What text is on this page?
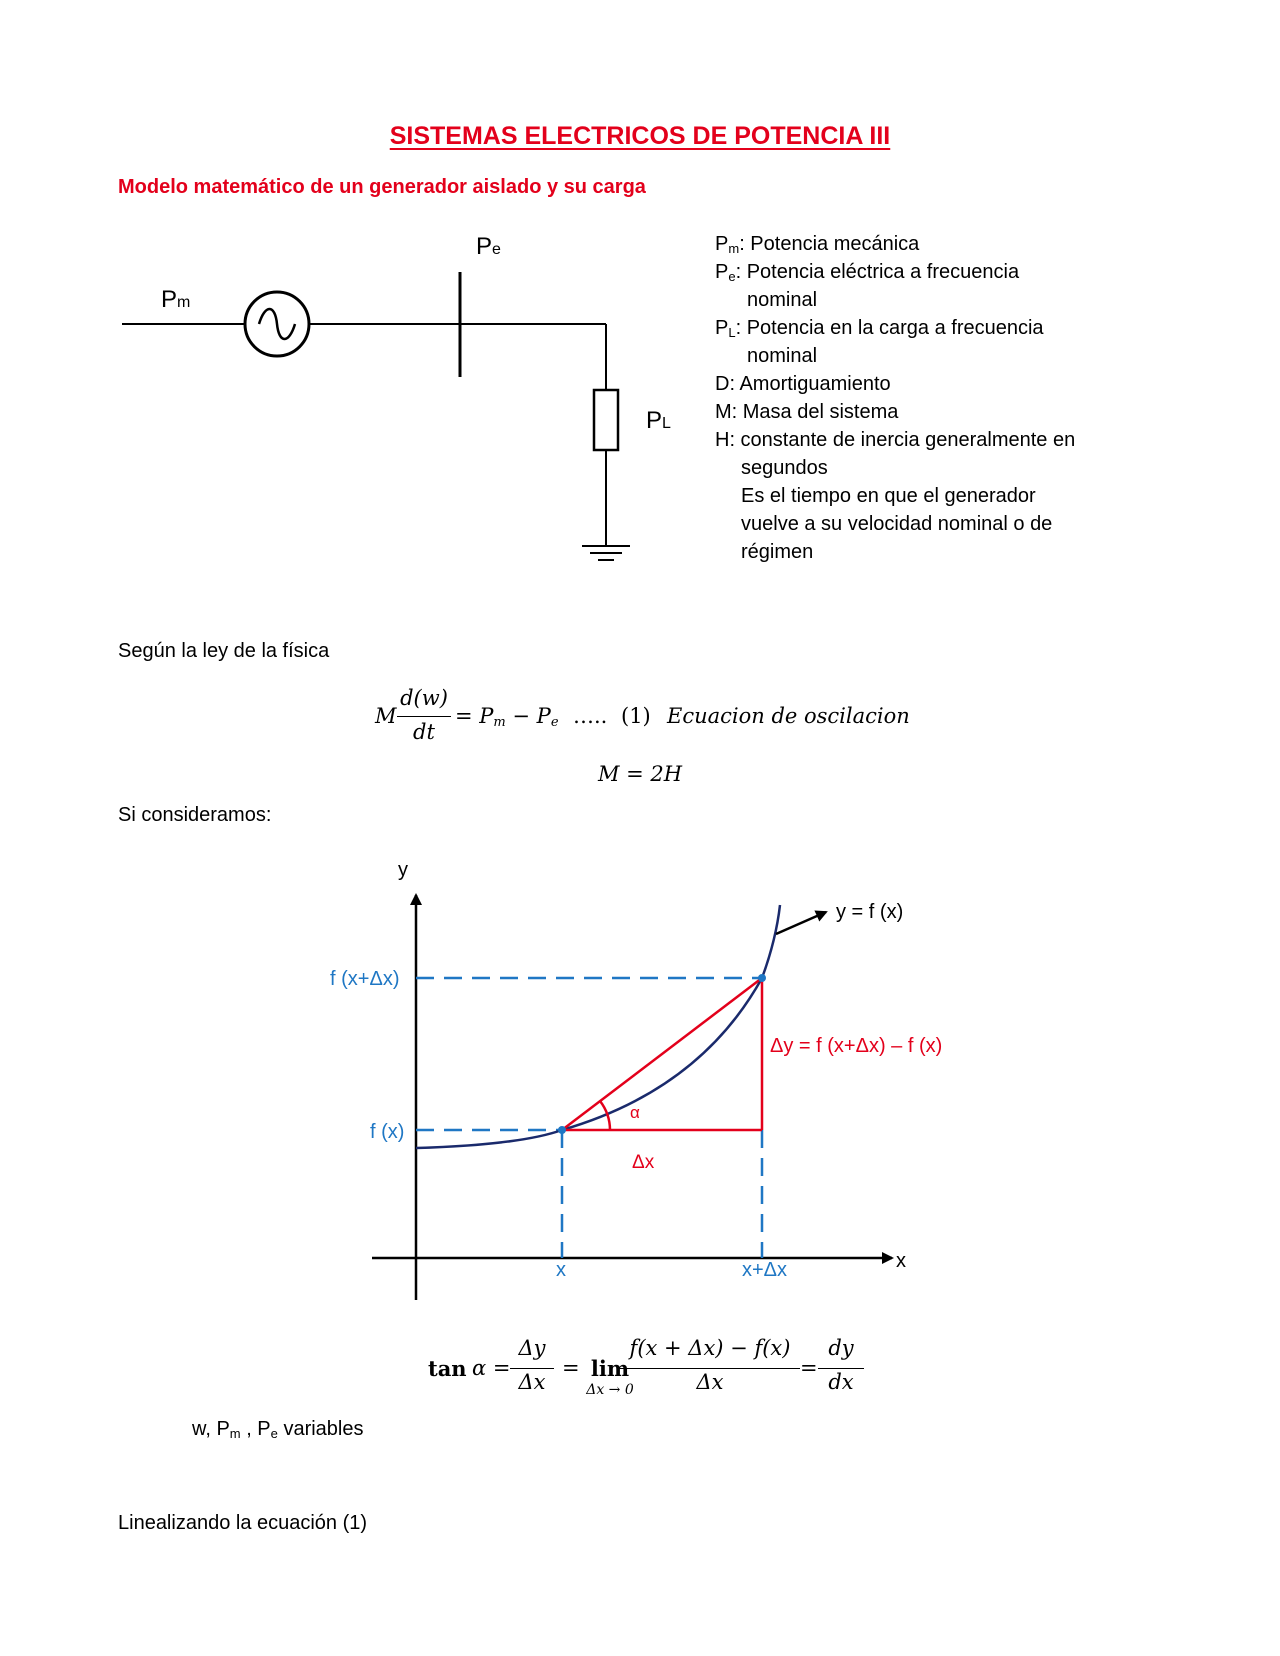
SISTEMAS ELECTRICOS DE POTENCIA III
Modelo matemático de un generador aislado y su carga
Pm
Pe
PL
$P_m$: Potencia mecánica
$P_e$: Potencia eléctrica a frecuencia
nominal
$P_L$: Potencia en la carga a frecuencia
nominal
D: Amortiguamiento
M: Masa del sistema
H: constante de inercia generalmente en
segundos
Es el tiempo en que el generador
vuelve a su velocidad nominal o de
régimen
Según la ley de la física
M
d(w)
dt
= $P_m - P_e$ ….. (1) Ecuacion de oscilacion
M = 2H
Si consideramos:
y
x
y = f (x)
f (x+Δx)
f (x)
x	x+Δx
Δy = f (x+Δx) – f (x)
α
Δx
tan α =
Δy
Δx
= lim
Δx → 0
f(x + Δx) − f(x)
Δx
=
dy
dx
w, $P_m$ , $P_e$ variables
Linealizando la ecuación (1)
